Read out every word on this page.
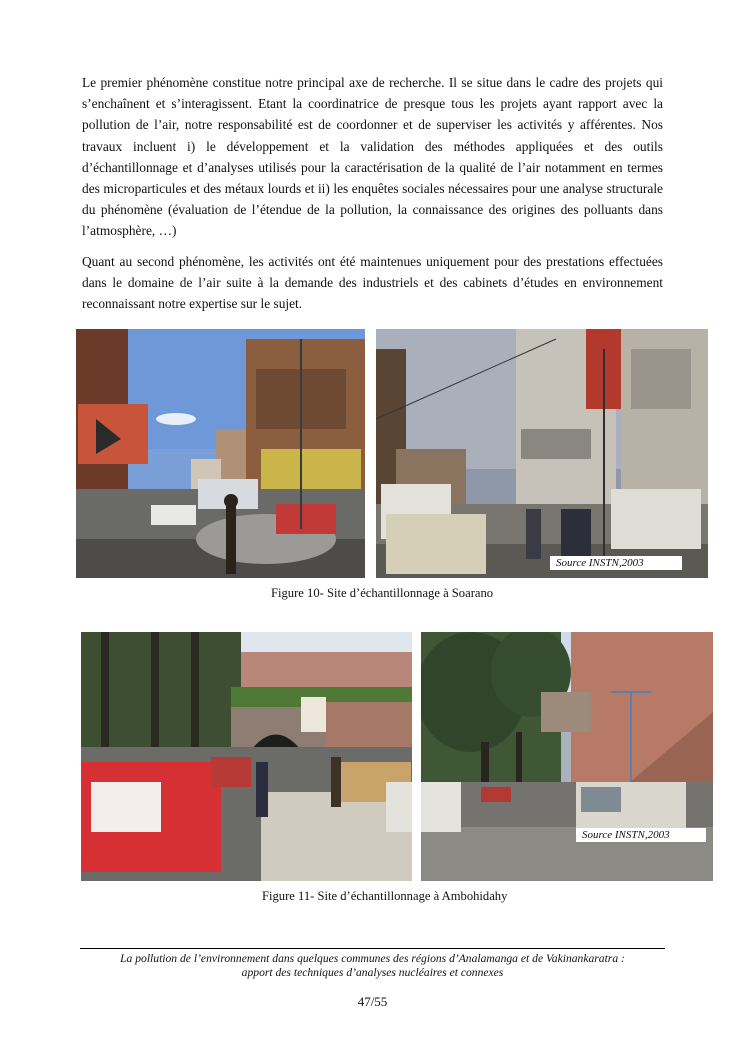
Le premier phénomène constitue notre principal axe de recherche. Il se situe dans le cadre des projets qui s’enchaînent et s’interagissent. Etant la coordinatrice de presque tous les projets ayant rapport avec la pollution de l’air, notre responsabilité est de coordonner et de superviser les activités y afférentes. Nos travaux incluent i) le développement et la validation des méthodes appliquées et des outils d’échantillonnage et d’analyses utilisés pour la caractérisation de la qualité de l’air notamment en termes des microparticules et des métaux lourds et ii) les enquêtes sociales nécessaires pour une analyse structurale du phénomène (évaluation de l’étendue de la pollution, la connaissance des origines des polluants dans l’atmosphère, …)

Quant au second phénomène, les activités ont été maintenues uniquement pour des prestations effectuées dans le domaine de l’air suite à la demande des industriels et des cabinets d’études en environnement reconnaissant notre expertise sur le sujet.

Source INSTN,2003
Figure 10- Site d’échantillonnage à Soarano
Source INSTN,2003
Figure 11- Site d’échantillonnage à Ambohidahy
La pollution de l’environnement dans quelques communes des régions d’Analamanga et de Vakinankaratra :
apport des techniques d’analyses nucléaires et connexes
47/55
